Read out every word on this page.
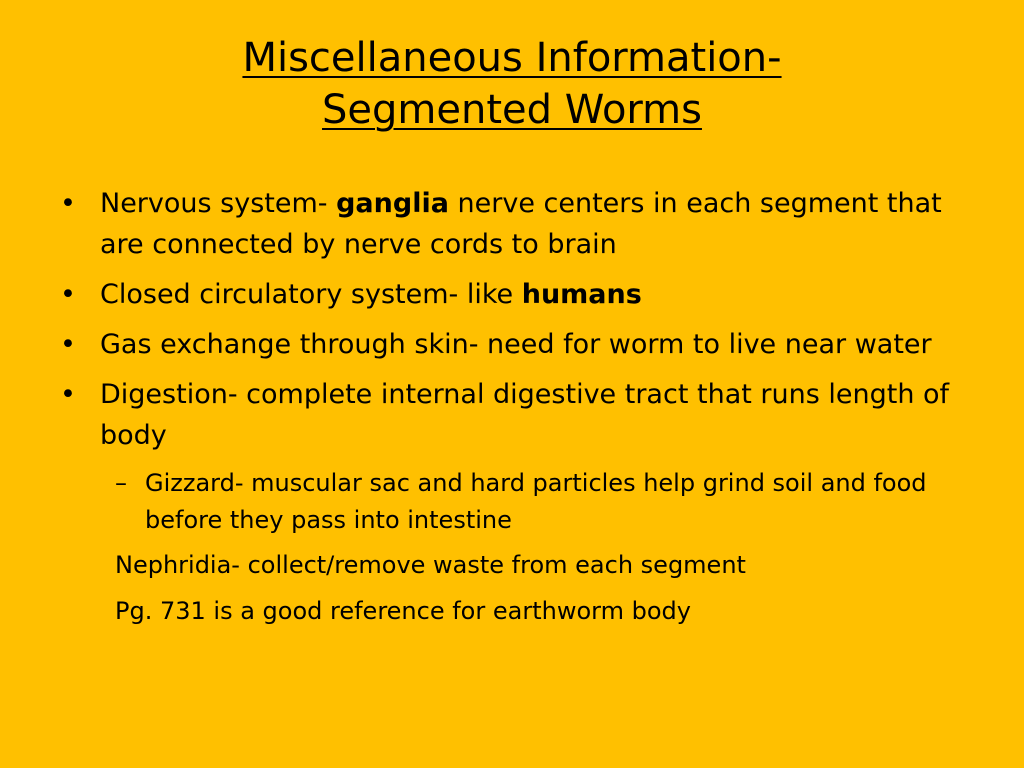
Miscellaneous Information-
Segmented Worms
• Nervous system- ganglia nerve centers in each segment that are connected by nerve cords to brain
• Closed circulatory system- like humans
• Gas exchange through skin- need for worm to live near water
• Digestion- complete internal digestive tract that runs length of body
– Gizzard- muscular sac and hard particles help grind soil and food before they pass into intestine
Nephridia- collect/remove waste from each segment
Pg. 731 is a good reference for earthworm body
